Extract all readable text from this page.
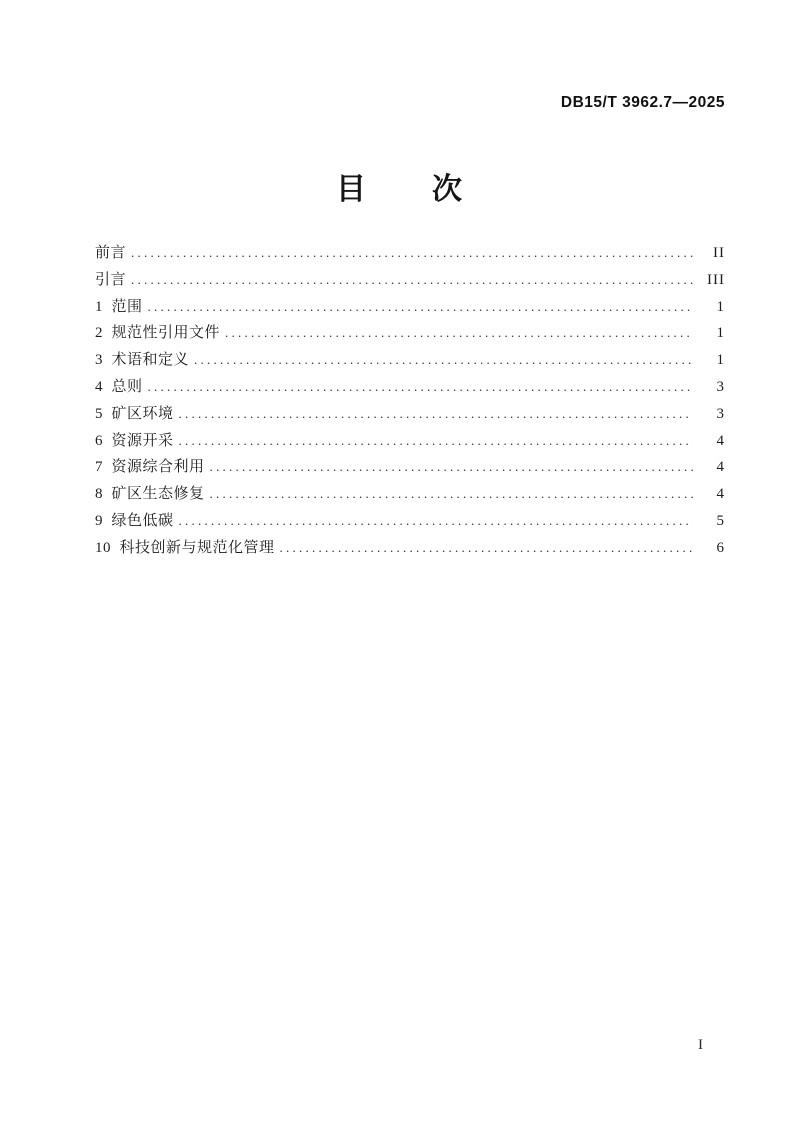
DB15/T 3962.7—2025
目　　次
前言 . . .	II
引言 . . .	III
1  范围 . . .	1
2  规范性引用文件 . . .	1
3  术语和定义 . . .	1
4  总则 . . .	3
5  矿区环境 . . .	3
6  资源开采 . . .	4
7  资源综合利用 . . .	4
8  矿区生态修复 . . .	4
9  绿色低碳 . . .	5
10  科技创新与规范化管理 . . .	6
I
